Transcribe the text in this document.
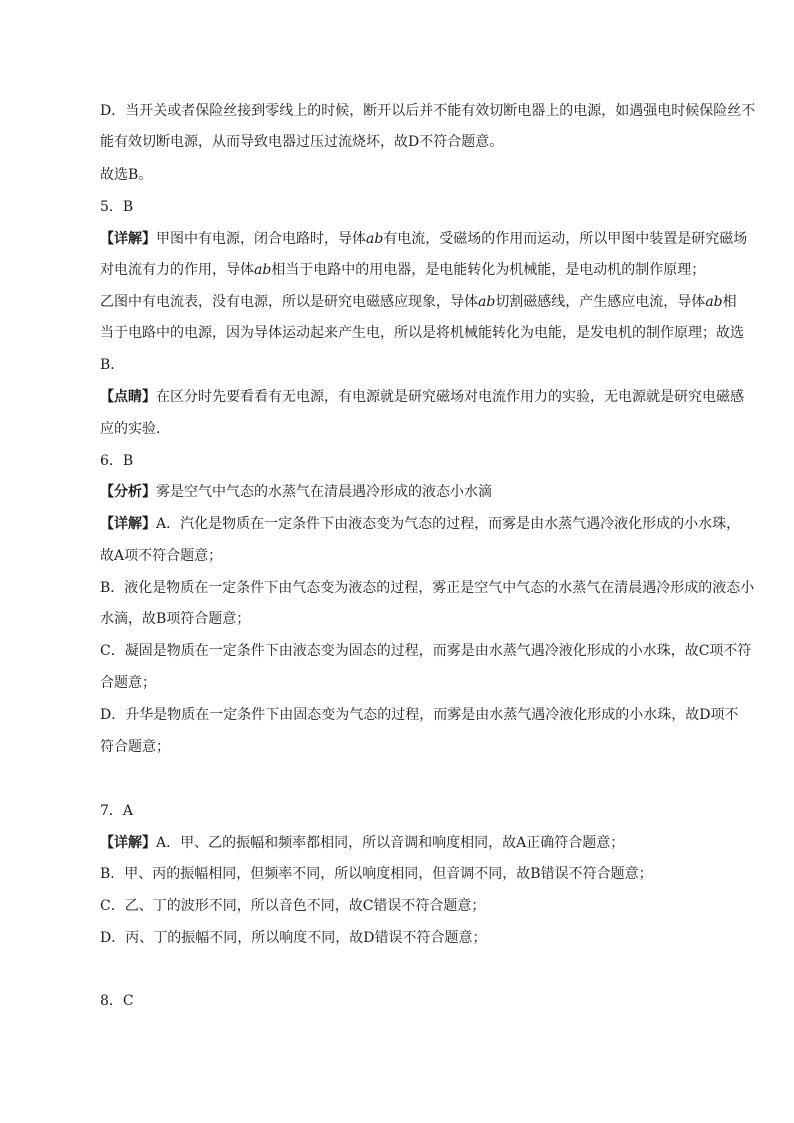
D．当开关或者保险丝接到零线上的时候，断开以后并不能有效切断电器上的电源，如遇强电时候保险丝不
能有效切断电源，从而导致电器过压过流烧坏，故D不符合题意。
故选B。
5．B
【详解】甲图中有电源，闭合电路时，导体ab有电流，受磁场的作用而运动，所以甲图中装置是研究磁场
对电流有力的作用，导体ab相当于电路中的用电器，是电能转化为机械能，是电动机的制作原理；
乙图中有电流表，没有电源，所以是研究电磁感应现象，导体ab切割磁感线，产生感应电流，导体ab相
当于电路中的电源，因为导体运动起来产生电，所以是将机械能转化为电能，是发电机的制作原理；故选
B．
【点睛】在区分时先要看看有无电源，有电源就是研究磁场对电流作用力的实验，无电源就是研究电磁感
应的实验．
6．B
【分析】雾是空气中气态的水蒸气在清晨遇冷形成的液态小水滴
【详解】A．汽化是物质在一定条件下由液态变为气态的过程，而雾是由水蒸气遇冷液化形成的小水珠，
故A项不符合题意；
B．液化是物质在一定条件下由气态变为液态的过程，雾正是空气中气态的水蒸气在清晨遇冷形成的液态小
水滴，故B项符合题意；
C．凝固是物质在一定条件下由液态变为固态的过程，而雾是由水蒸气遇冷液化形成的小水珠，故C项不符
合题意；
D．升华是物质在一定条件下由固态变为气态的过程，而雾是由水蒸气遇冷液化形成的小水珠，故D项不
符合题意；
7．A
【详解】A．甲、乙的振幅和频率都相同，所以音调和响度相同，故A正确符合题意；
B．甲、丙的振幅相同，但频率不同，所以响度相同，但音调不同，故B错误不符合题意；
C．乙、丁的波形不同，所以音色不同，故C错误不符合题意；
D．丙、丁的振幅不同，所以响度不同，故D错误不符合题意；
8．C
